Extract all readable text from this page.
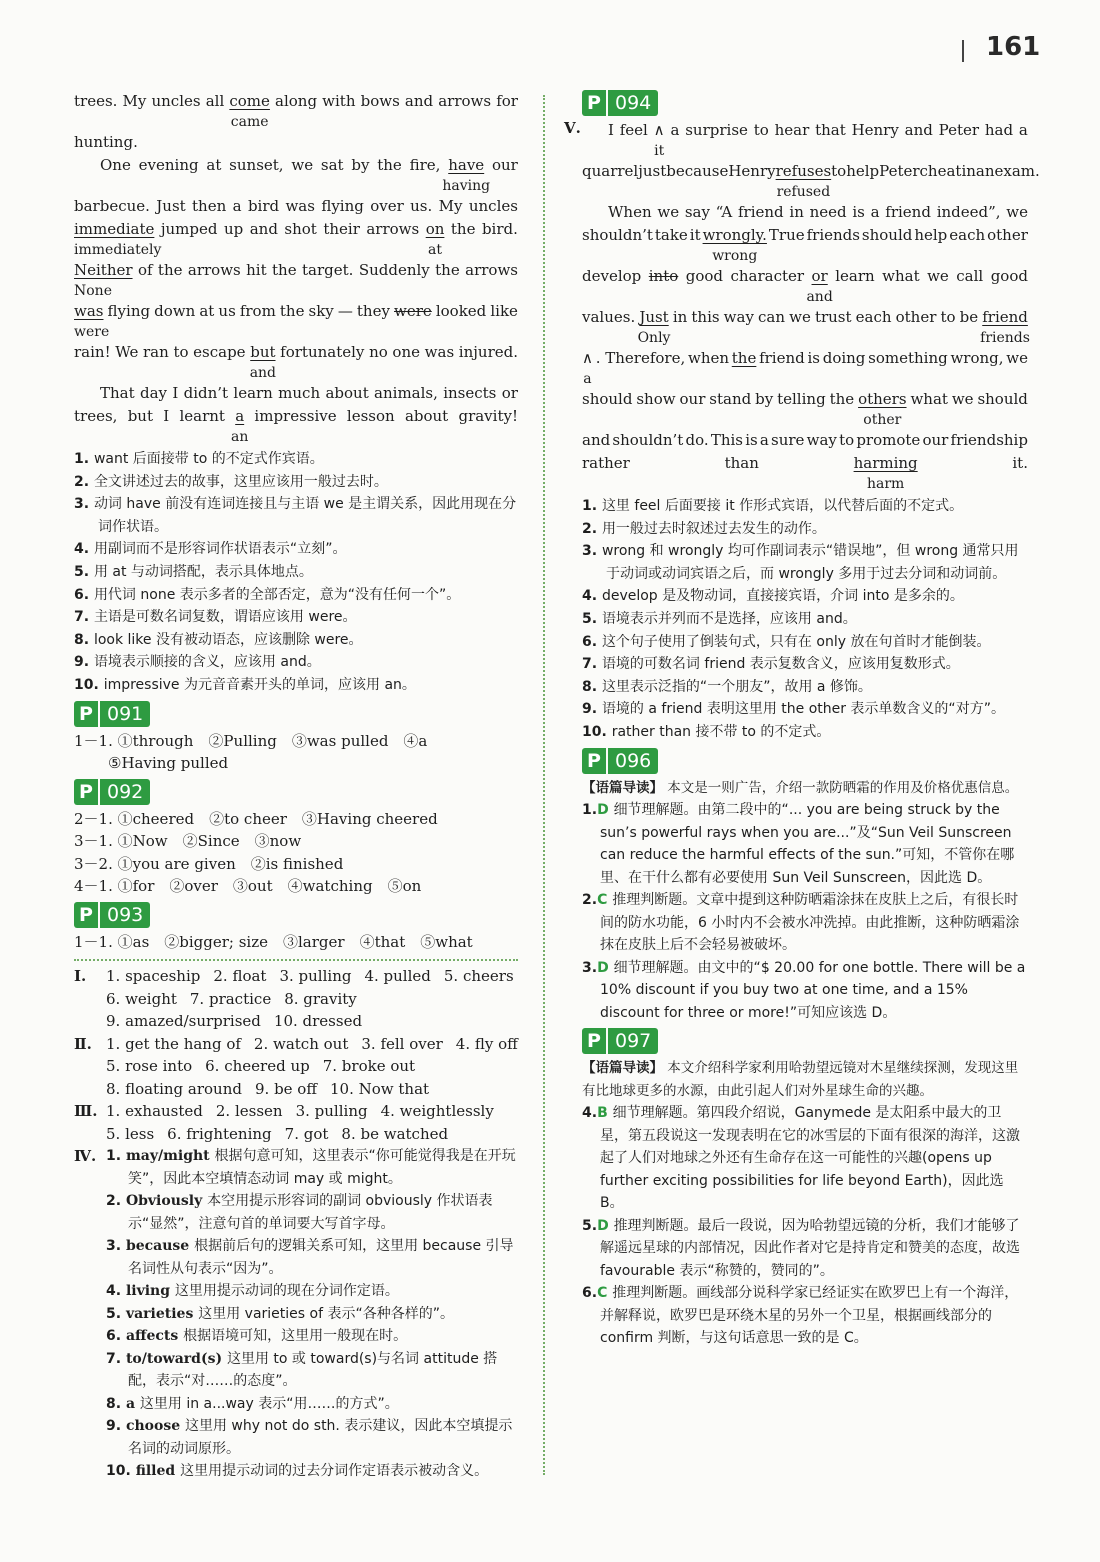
161
trees. My uncles all come
came
along with bows and arrows for
hunting.
One evening at sunset, we sat by the fire, have
having
our
barbecue. Just then a bird was flying over us. My uncles
immediate
immediately
jumped up and shot their arrows on
at
the bird.
Neither
None
of the arrows hit the target. Suddenly the arrows
was
were
flying down at us from the sky — they were looked like
rain! We ran to escape but
and
fortunately no one was injured.
That day I didn’t learn much about animals, insects or
trees, but I learnt a
an
impressive lesson about gravity!

1. want 后面接带 to 的不定式作宾语。

2. 全文讲述过去的故事，这里应该用一般过去时。

3. 动词 have 前没有连词连接且与主语 we 是主谓关系，因此用现在分词作状语。

4. 用副词而不是形容词作状语表示“立刻”。

5. 用 at 与动词搭配，表示具体地点。

6. 用代词 none 表示多者的全部否定，意为“没有任何一个”。

7. 主语是可数名词复数，谓语应该用 were。

8. look like 没有被动语态，应该删除 were。

9. 语境表示顺接的含义，应该用 and。

10. impressive 为元音音素开头的单词，应该用 an。

P 091
1－1. ①through　②Pulling　③was pulled　④a
⑤Having pulled
P 092
2－1. ①cheered　②to cheer　③Having cheered
3－1. ①Now　②Since　③now
3－2. ①you are given　②is finished
4－1. ①for　②over　③out　④watching　⑤on
P 093
1－1. ①as　②bigger; size　③larger　④that　⑤what
Ⅰ.	1. spaceship 2. float 3. pulling 4. pulled 5. cheers
6. weight 7. practice 8. gravity
9. amazed/surprised 10. dressed
Ⅱ. 1. get the hang of 2. watch out 3. fell over 4. fly off
5. rose into 6. cheered up 7. broke out
8. floating around 9. be off 10. Now that
Ⅲ. 1. exhausted 2. lessen 3. pulling 4. weightlessly
5. less 6. frightening 7. got 8. be watched
Ⅳ. 1. may/might 根据句意可知，这里表示“你可能觉得我是在开玩笑”，因此本空填情态动词 may 或 might。
2. Obviously 本空用提示形容词的副词 obviously 作状语表示“显然”，注意句首的单词要大写首字母。
3. because 根据前后句的逻辑关系可知，这里用 because 引导名词性从句表示“因为”。
4. living 这里用提示动词的现在分词作定语。
5. varieties 这里用 varieties of 表示“各种各样的”。
6. affects 根据语境可知，这里用一般现在时。
7. to/toward(s) 这里用 to 或 toward(s)与名词 attitude 搭配，表示“对……的态度”。
8. a 这里用 in a...way 表示“用……的方式”。
9. choose 这里用 why not do sth. 表示建议，因此本空填提示名词的动词原形。
10. filled 这里用提示动词的过去分词作定语表示被动含义。
P 094
Ⅴ. I feel ∧
it
a surprise to hear that Henry and Peter had a
quarrel just because Henry refuses
refused
to help Peter cheat in an exam.
When we say “A friend in need is a friend indeed”, we
shouldn’t take it wrongly.
wrong
True friends should help each other
develop into good character or
and
learn what we call good
values. Just
Only
in this way can we trust each other to be friend
friends
∧
a
. Therefore, when the friend is doing something wrong, we
should show our stand by telling the others
other
what we should
and shouldn’t do. This is a sure way to promote our friendship
rather	than	harming
harm
it.

1. 这里 feel 后面要接 it 作形式宾语，以代替后面的不定式。

2. 用一般过去时叙述过去发生的动作。

3. wrong 和 wrongly 均可作副词表示“错误地”，但 wrong 通常只用于动词或动词宾语之后，而 wrongly 多用于过去分词和动词前。

4. develop 是及物动词，直接接宾语，介词 into 是多余的。

5. 语境表示并列而不是选择，应该用 and。

6. 这个句子使用了倒装句式，只有在 only 放在句首时才能倒装。

7. 语境的可数名词 friend 表示复数含义，应该用复数形式。

8. 这里表示泛指的“一个朋友”，故用 a 修饰。

9. 语境的 a friend 表明这里用 the other 表示单数含义的“对方”。

10. rather than 接不带 to 的不定式。

P 096
【语篇导读】 本文是一则广告，介绍一款防晒霜的作用及价格优惠信息。

1.D 细节理解题。由第二段中的“... you are being struck by the sun’s powerful rays when you are...”及“Sun Veil Sunscreen can reduce the harmful effects of the sun.”可知，不管你在哪里、在干什么都有必要使用 Sun Veil Sunscreen，因此选 D。

2.C 推理判断题。文章中提到这种防晒霜涂抹在皮肤上之后，有很长时间的防水功能，6 小时内不会被水冲洗掉。由此推断，这种防晒霜涂抹在皮肤上后不会轻易被破坏。

3.D 细节理解题。由文中的“$ 20.00 for one bottle. There will be a 10% discount if you buy two at one time, and a 15% discount for three or more!”可知应该选 D。

P 097
【语篇导读】 本文介绍科学家利用哈勃望远镜对木星继续探测，发现这里有比地球更多的水源，由此引起人们对外星球生命的兴趣。

4.B 细节理解题。第四段介绍说，Ganymede 是太阳系中最大的卫星，第五段说这一发现表明在它的冰雪层的下面有很深的海洋，这激起了人们对地球之外还有生命存在这一可能性的兴趣(opens up further exciting possibilities for life beyond Earth)，因此选 B。

5.D 推理判断题。最后一段说，因为哈勃望远镜的分析，我们才能够了解遥远星球的内部情况，因此作者对它是持肯定和赞美的态度，故选 favourable 表示“称赞的，赞同的”。

6.C 推理判断题。画线部分说科学家已经证实在欧罗巴上有一个海洋，并解释说，欧罗巴是环绕木星的另外一个卫星，根据画线部分的 confirm 判断，与这句话意思一致的是 C。
